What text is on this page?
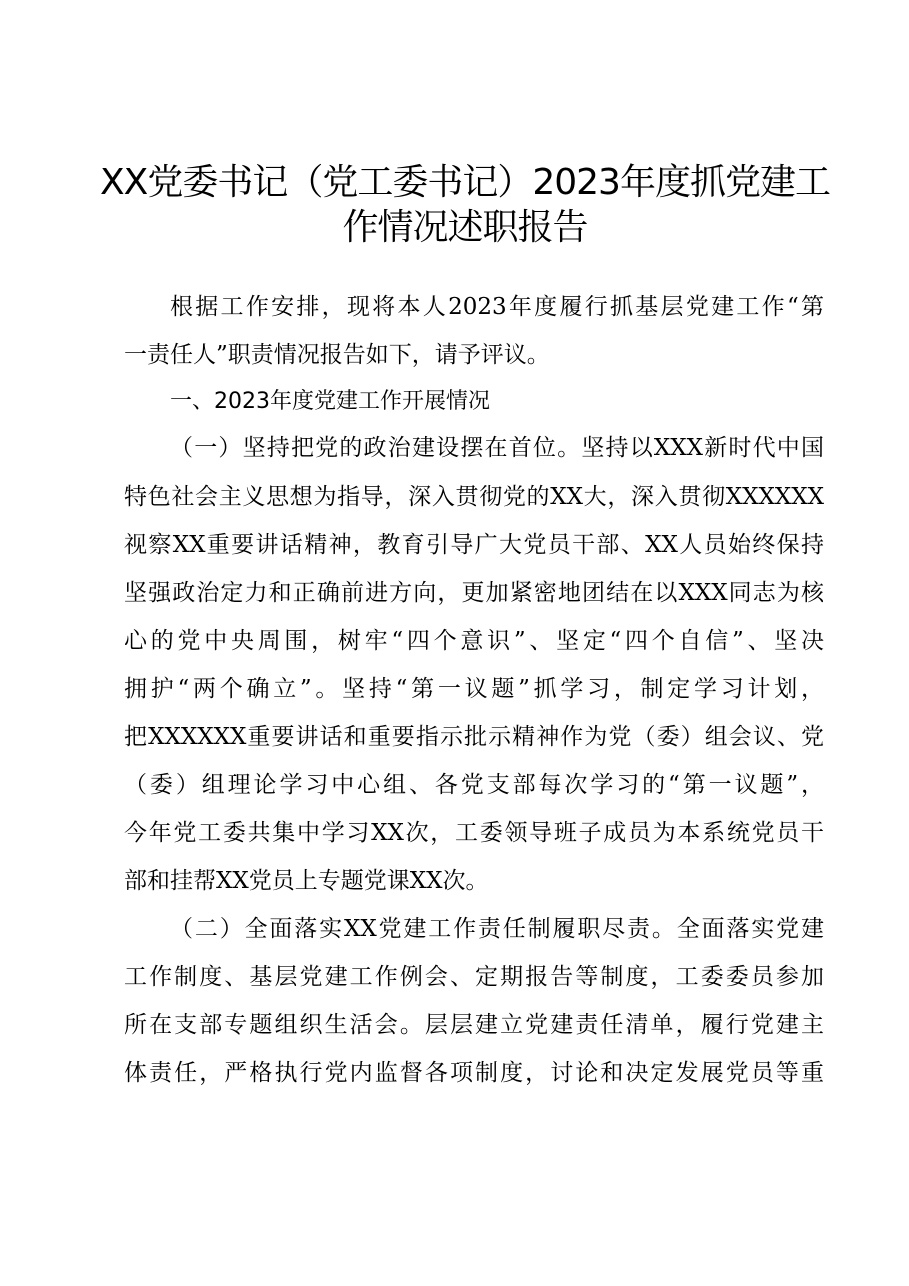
XX党委书记（党工委书记）2023年度抓党建工
作情况述职报告
根据工作安排，现将本人2023年度履行抓基层党建工作“第
一责任人”职责情况报告如下，请予评议。
一、2023年度党建工作开展情况
（一）坚持把党的政治建设摆在首位。坚持以XXX新时代中国
特色社会主义思想为指导，深入贯彻党的XX大，深入贯彻XXXXXX
视察XX重要讲话精神，教育引导广大党员干部、XX人员始终保持
坚强政治定力和正确前进方向，更加紧密地团结在以XXX同志为核
心的党中央周围，树牢“四个意识”、坚定“四个自信”、坚决
拥护“两个确立”。坚持“第一议题”抓学习，制定学习计划，
把XXXXXX重要讲话和重要指示批示精神作为党（委）组会议、党
（委）组理论学习中心组、各党支部每次学习的“第一议题”，
今年党工委共集中学习XX次，工委领导班子成员为本系统党员干
部和挂帮XX党员上专题党课XX次。
（二）全面落实XX党建工作责任制履职尽责。全面落实党建
工作制度、基层党建工作例会、定期报告等制度，工委委员参加
所在支部专题组织生活会。层层建立党建责任清单，履行党建主
体责任，严格执行党内监督各项制度，讨论和决定发展党员等重
